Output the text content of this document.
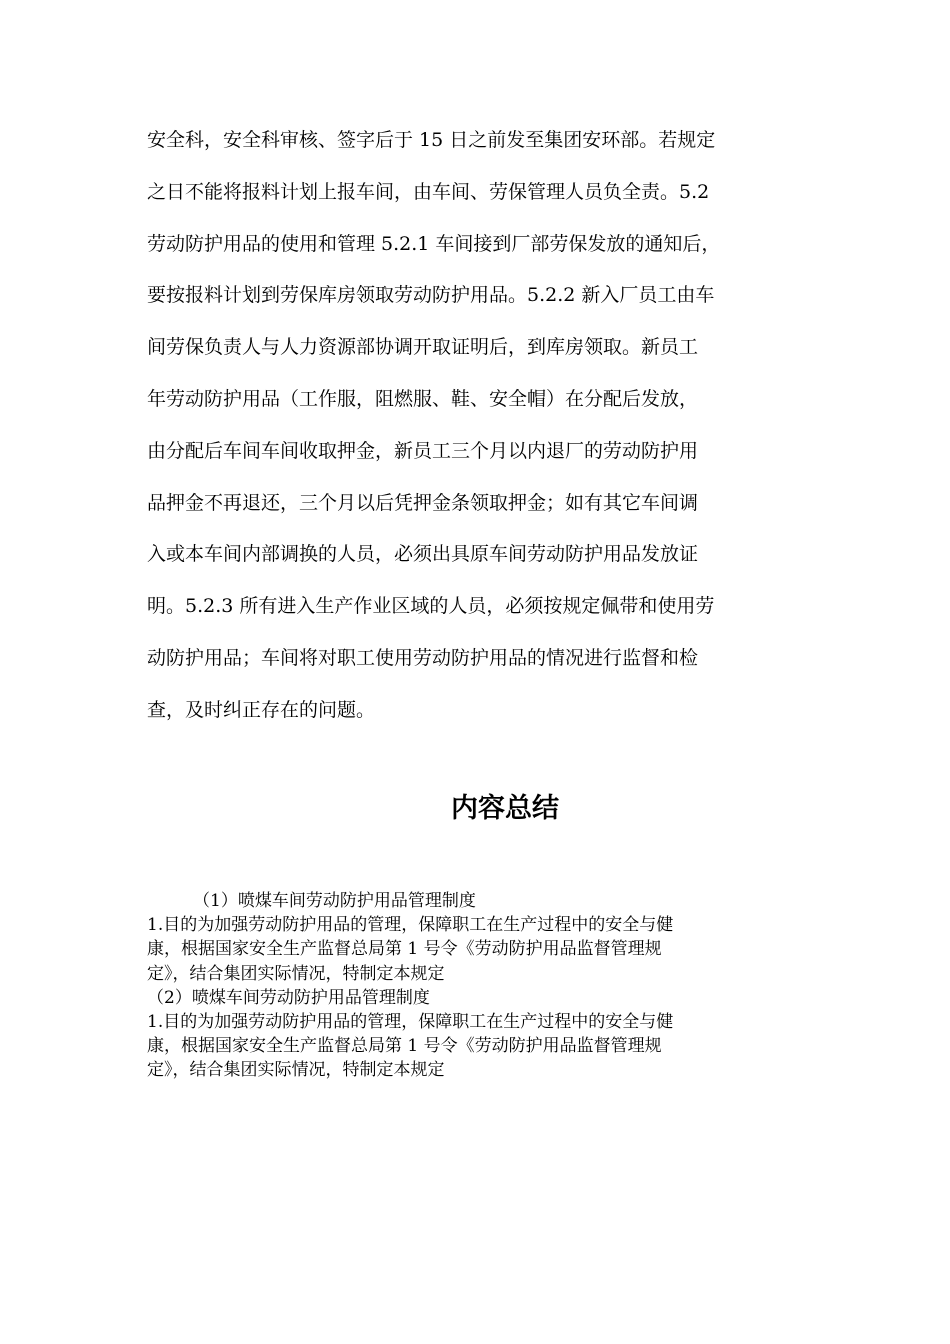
安全科，安全科审核、签字后于 15 日之前发至集团安环部。若规定
之日不能将报料计划上报车间，由车间、劳保管理人员负全责。5.2
劳动防护用品的使用和管理 5.2.1 车间接到厂部劳保发放的通知后，
要按报料计划到劳保库房领取劳动防护用品。5.2.2 新入厂员工由车
间劳保负责人与人力资源部协调开取证明后，到库房领取。新员工
年劳动防护用品（工作服，阻燃服、鞋、安全帽）在分配后发放，
由分配后车间车间收取押金，新员工三个月以内退厂的劳动防护用
品押金不再退还，三个月以后凭押金条领取押金；如有其它车间调
入或本车间内部调换的人员，必须出具原车间劳动防护用品发放证
明。5.2.3 所有进入生产作业区域的人员，必须按规定佩带和使用劳
动防护用品；车间将对职工使用劳动防护用品的情况进行监督和检
查，及时纠正存在的问题。
内容总结
（1）喷煤车间劳动防护用品管理制度
1.目的为加强劳动防护用品的管理，保障职工在生产过程中的安全与健
康，根据国家安全生产监督总局第 1 号令《劳动防护用品监督管理规
定》，结合集团实际情况，特制定本规定
（2）喷煤车间劳动防护用品管理制度
1.目的为加强劳动防护用品的管理，保障职工在生产过程中的安全与健
康，根据国家安全生产监督总局第 1 号令《劳动防护用品监督管理规
定》，结合集团实际情况，特制定本规定
